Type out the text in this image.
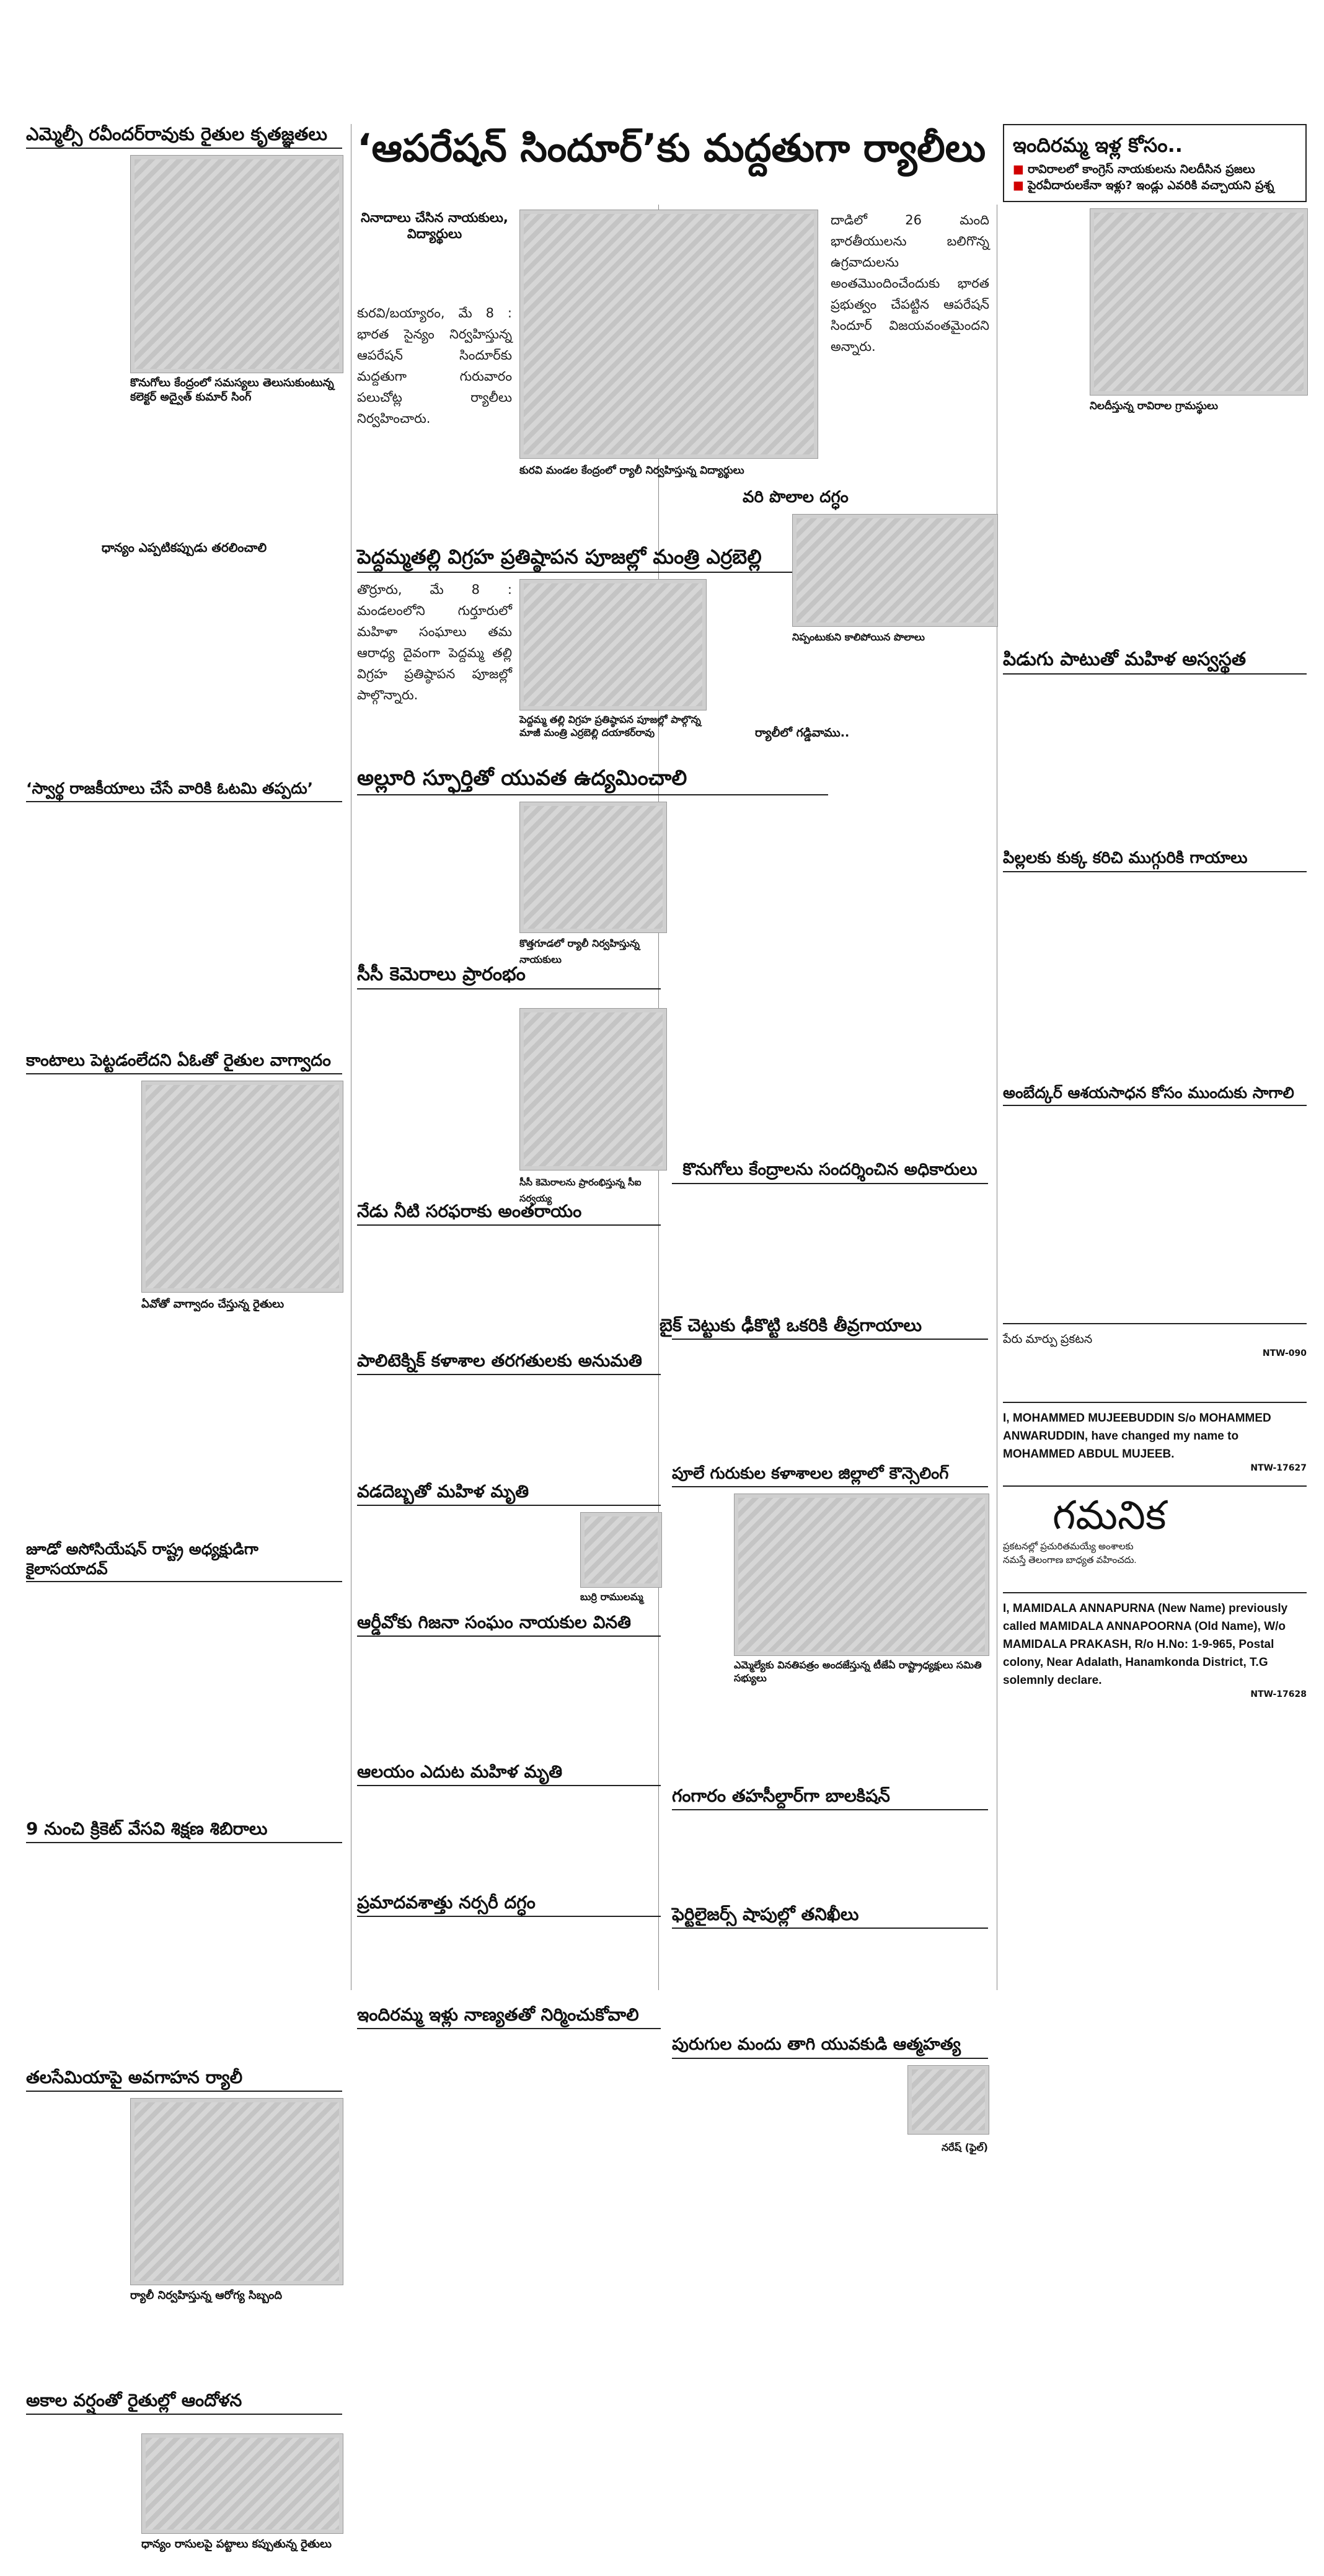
ఎమ్మెల్సీ రవీందర్‌రావుకు రైతుల కృతజ్ఞతలు
కొనుగోలు కేంద్రంలో సమస్యలు తెలుసుకుంటున్న కలెక్టర్ అద్వైత్ కుమార్ సింగ్
ధాన్యం ఎప్పటికప్పుడు తరలించాలి
‘స్వార్థ రాజకీయాలు చేసే వారికి ఓటమి తప్పదు’
కాంటాలు పెట్టడంలేదని ఏఓతో రైతుల వాగ్వాదం
ఏవోతో వాగ్వాదం చేస్తున్న రైతులు
జూడో అసోసియేషన్ రాష్ట్ర అధ్యక్షుడిగా కైలాసయాదవ్
9 నుంచి క్రికెట్ వేసవి శిక్షణ శిబిరాలు
తలసేమియాపై అవగాహన ర్యాలీ
ర్యాలీ నిర్వహిస్తున్న ఆరోగ్య సిబ్బంది
అకాల వర్షంతో రైతుల్లో ఆందోళన
ధాన్యం రాసులపై పట్టాలు కప్పుతున్న రైతులు
‘ఆపరేషన్ సిందూర్’కు మద్దతుగా ర్యాలీలు
నినాదాలు చేసిన నాయకులు, విద్యార్థులు

కురవి/బయ్యారం, మే 8 : భారత సైన్యం నిర్వహిస్తున్న ఆపరేషన్ సిందూర్‌కు మద్దతుగా గురువారం పలుచోట్ల ర్యాలీలు నిర్వహించారు.

కురవి మండల కేంద్రంలో ర్యాలీ నిర్వహిస్తున్న విద్యార్థులు

దాడిలో 26 మంది భారతీయులను బలిగొన్న ఉగ్రవాదులను అంతమొందించేందుకు భారత ప్రభుత్వం చేపట్టిన ఆపరేషన్ సిందూర్ విజయవంతమైందని అన్నారు.

పెద్దమ్మతల్లి విగ్రహ ప్రతిష్ఠాపన పూజల్లో మంత్రి ఎర్రబెల్లి

తొర్రూరు, మే 8 : మండలంలోని గుర్తూరులో మహిళా సంఘాలు తమ ఆరాధ్య దైవంగా పెద్దమ్మ తల్లి విగ్రహ ప్రతిష్ఠాపన పూజల్లో పాల్గొన్నారు.

పెద్దమ్మ తల్లి విగ్రహ ప్రతిష్ఠాపన పూజల్లో పాల్గొన్న మాజీ మంత్రి ఎర్రబెల్లి దయాకర్‌రావు
అల్లూరి స్ఫూర్తితో యువత ఉద్యమించాలి
కొత్తగూడలో ర్యాలీ నిర్వహిస్తున్న నాయకులు
సీసీ కెమెరాలు ప్రారంభం
సీసీ కెమెరాలను ప్రారంభిస్తున్న సీఐ సర్వయ్య
నేడు నీటి సరఫరాకు అంతరాయం
పాలిటెక్నిక్ కళాశాల తరగతులకు అనుమతి
వడదెబ్బతో మహిళ మృతి
బుర్రి రాములమ్మ
ఆర్డీవోకు గిజనా సంఘం నాయకుల వినతి
ఆలయం ఎదుట మహిళ మృతి
ప్రమాదవశాత్తు నర్సరీ దగ్ధం
ఇందిరమ్మ ఇళ్లు నాణ్యతతో నిర్మించుకోవాలి
కొనుగోలు కేంద్రాలను సందర్శించిన అధికారులు
బైక్ చెట్టుకు ఢీకొట్టి ఒకరికి తీవ్రగాయాలు
పూలే గురుకుల కళాశాలల జిల్లాలో కౌన్సెలింగ్
ఎమ్మెల్యేకు వినతిపత్రం అందజేస్తున్న టీజేఏ రాష్ట్రాధ్యక్షులు సమితి సభ్యులు
గంగారం తహసీల్దార్‌గా బాలకిషన్
ఫెర్టిలైజర్స్ షాపుల్లో తనిఖీలు
పురుగుల మందు తాగి యువకుడి ఆత్మహత్య
నరేష్ (ఫైల్)
ఇందిరమ్మ ఇళ్ల కోసం..
■ రావిరాలలో కాంగ్రెస్ నాయకులను నిలదీసిన ప్రజలు
■ పైరవీదారులకేనా ఇళ్లు? ఇండ్లు ఎవరికి వచ్చాయని ప్రశ్న
నిలదీస్తున్న రావిరాల గ్రామస్థులు
వరి పొలాల దగ్ధం
నిప్పంటుకుని కాలిపోయిన పొలాలు
ర్యాలీలో గడ్డివాము..
పిడుగు పాటుతో మహిళ అస్వస్థత
పిల్లలకు కుక్క కరిచి ముగ్గురికి గాయాలు
అంబేద్కర్ ఆశయసాధన కోసం ముందుకు సాగాలి

పేరు మార్పు ప్రకటన

NTW-090

I, MOHAMMED MUJEEBUDDIN S/o MOHAMMED ANWARUDDIN, have changed my name to MOHAMMED ABDUL MUJEEB.

NTW-17627
గమనిక

ప్రకటనల్లో ప్రచురితమయ్యే అంశాలకు నమస్తే తెలంగాణ బాధ్యత వహించదు.

I, MAMIDALA ANNAPURNA (New Name) previously called MAMIDALA ANNAPOORNA (Old Name), W/o MAMIDALA PRAKASH, R/o H.No: 1-9-965, Postal colony, Near Adalath, Hanamkonda District, T.G solemnly declare.

NTW-17628
